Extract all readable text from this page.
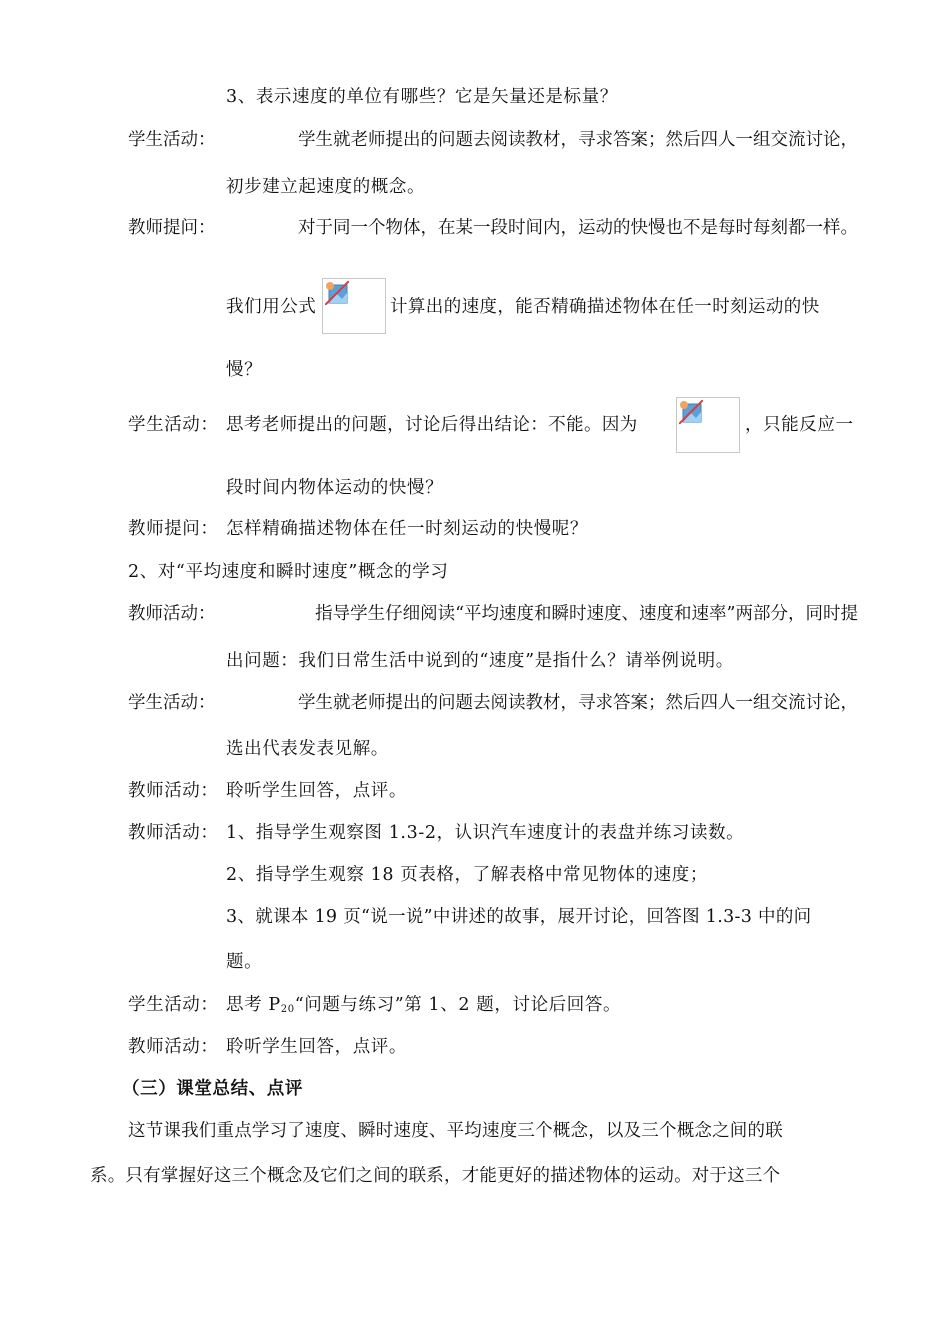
3、表示速度的单位有哪些？它是矢量还是标量？
学生活动：	学生就老师提出的问题去阅读教材，寻求答案；然后四人一组交流讨论，
初步建立起速度的概念。
教师提问：	对于同一个物体，在某一段时间内，运动的快慢也不是每时每刻都一样。
我们用公式	计算出的速度，能否精确描述物体在任一时刻运动的快
慢？
学生活动： 思考老师提出的问题，讨论后得出结论：不能。因为	，只能反应一
段时间内物体运动的快慢？
教师提问： 怎样精确描述物体在任一时刻运动的快慢呢？
2、对“平均速度和瞬时速度”概念的学习
教师活动：	指导学生仔细阅读“平均速度和瞬时速度、速度和速率”两部分，同时提
出问题：我们日常生活中说到的“速度”是指什么？请举例说明。
学生活动：	学生就老师提出的问题去阅读教材，寻求答案；然后四人一组交流讨论，
选出代表发表见解。
教师活动： 聆听学生回答，点评。
教师活动： 1、指导学生观察图 1.3-2，认识汽车速度计的表盘并练习读数。
2、指导学生观察 18 页表格，了解表格中常见物体的速度；
3、就课本 19 页“说一说”中讲述的故事，展开讨论，回答图 1.3-3 中的问
题。
学生活动： 思考 $P_{20}“$问题与练习”第 1、2 题，讨论后回答。
教师活动： 聆听学生回答，点评。
（三）课堂总结、点评
这节课我们重点学习了速度、瞬时速度、平均速度三个概念，以及三个概念之间的联
系。只有掌握好这三个概念及它们之间的联系，才能更好的描述物体的运动。对于这三个
